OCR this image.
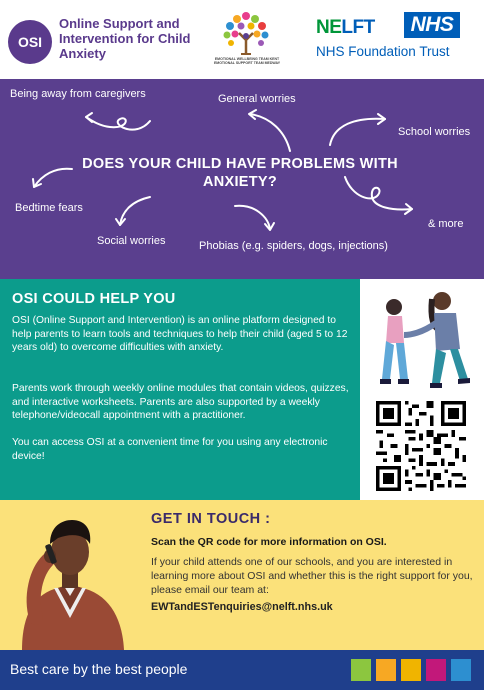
OSI
Online Support and Intervention for Child Anxiety	EMOTIONAL WELLBEING TEAM KENT
EMOTIONAL SUPPORT TEAM MEDWAY
NELFT	NHS
NHS Foundation Trust
Being away from caregivers	General worries
School worries
Bedtime fears
& more
Social worries	Phobias (e.g. spiders, dogs, injections)
DOES YOUR CHILD HAVE PROBLEMS WITH ANXIETY?
OSI COULD HELP YOU

OSI (Online Support and Intervention) is an online platform designed to help parents to learn tools and techniques to help their child (aged 5 to 12 years old) to overcome difficulties with anxiety.

Parents work through weekly online modules that contain videos, quizzes, and interactive worksheets. Parents are also supported by a weekly telephone/videocall appointment with a practitioner.

You can access OSI at a convenient time for you using any electronic device!

GET IN TOUCH :
Scan the QR code for more information on OSI.
If your child attends one of our schools, and you are interested in learning more about OSI and whether this is the right support for you, please email our team at:
EWTandESTenquiries@nelft.nhs.uk
Best care by the best people
